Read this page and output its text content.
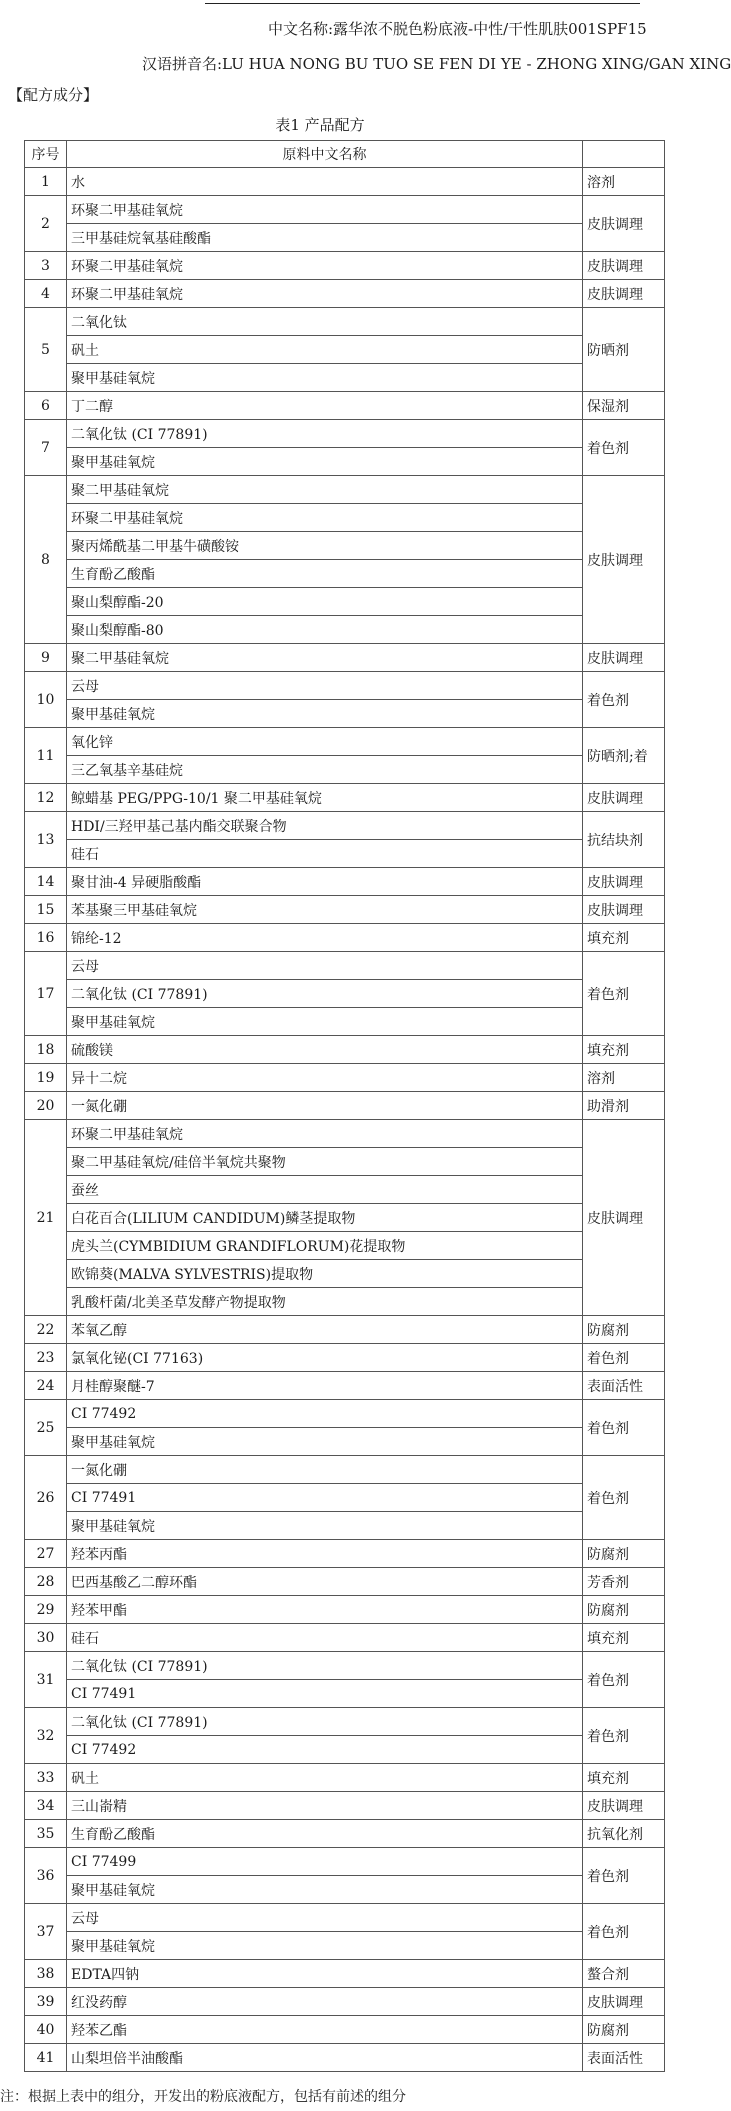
中文名称:露华浓不脱色粉底液-中性/干性肌肤001SPF15
汉语拼音名:LU HUA NONG BU TUO SE FEN DI YE - ZHONG XING/GAN XING
【配方成分】
表1 产品配方
序号	原料中文名称	
1	水	溶剂
2	环聚二甲基硅氧烷	皮肤调理
	三甲基硅烷氧基硅酸酯	
3	环聚二甲基硅氧烷	皮肤调理
4	环聚二甲基硅氧烷	皮肤调理
5	二氧化钛	防晒剂
	矾土	
	聚甲基硅氧烷	
6	丁二醇	保湿剂
7	二氧化钛 (CI 77891)	着色剂
	聚甲基硅氧烷	
8	聚二甲基硅氧烷	皮肤调理
	环聚二甲基硅氧烷	
	聚丙烯酰基二甲基牛磺酸铵	
	生育酚乙酸酯	
	聚山梨醇酯-20	
	聚山梨醇酯-80	
9	聚二甲基硅氧烷	皮肤调理
10	云母	着色剂
	聚甲基硅氧烷	
11	氧化锌	防晒剂;着
	三乙氧基辛基硅烷	
12	鲸蜡基 PEG/PPG-10/1 聚二甲基硅氧烷	皮肤调理
13	HDI/三羟甲基己基内酯交联聚合物	抗结块剂
	硅石	
14	聚甘油-4 异硬脂酸酯	皮肤调理
15	苯基聚三甲基硅氧烷	皮肤调理
16	锦纶-12	填充剂
17	云母	着色剂
	二氧化钛 (CI 77891)	
	聚甲基硅氧烷	
18	硫酸镁	填充剂
19	异十二烷	溶剂
20	一氮化硼	助滑剂
21	环聚二甲基硅氧烷	皮肤调理
	聚二甲基硅氧烷/硅倍半氧烷共聚物	
	蚕丝	
	白花百合(LILIUM CANDIDUM)鳞茎提取物	
	虎头兰(CYMBIDIUM GRANDIFLORUM)花提取物	
	欧锦葵(MALVA SYLVESTRIS)提取物	
	乳酸杆菌/北美圣草发酵产物提取物	
22	苯氧乙醇	防腐剂
23	氯氧化铋(CI 77163)	着色剂
24	月桂醇聚醚-7	表面活性
25	CI 77492	着色剂
	聚甲基硅氧烷	
26	一氮化硼	着色剂
	CI 77491	
	聚甲基硅氧烷	
27	羟苯丙酯	防腐剂
28	巴西基酸乙二醇环酯	芳香剂
29	羟苯甲酯	防腐剂
30	硅石	填充剂
31	二氧化钛 (CI 77891)	着色剂
	CI 77491	
32	二氧化钛 (CI 77891)	着色剂
	CI 77492	
33	矾土	填充剂
34	三山嵛精	皮肤调理
35	生育酚乙酸酯	抗氧化剂
36	CI 77499	着色剂
	聚甲基硅氧烷	
37	云母	着色剂
	聚甲基硅氧烷	
38	EDTA四钠	螯合剂
39	红没药醇	皮肤调理
40	羟苯乙酯	防腐剂
41	山梨坦倍半油酸酯	表面活性
注：根据上表中的组分，开发出的粉底液配方，包括有前述的组分
